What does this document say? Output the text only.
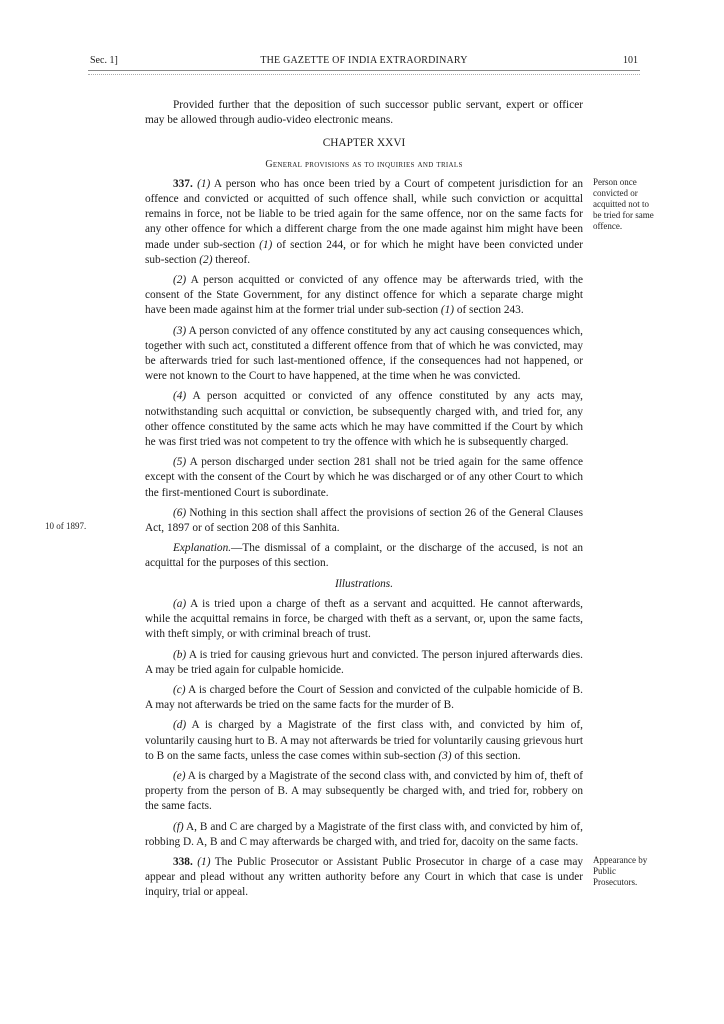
Sec. 1]	THE GAZETTE OF INDIA EXTRAORDINARY	101

Provided further that the deposition of such successor public servant, expert or officer may be allowed through audio-video electronic means.

CHAPTER XXVI

General provisions as to inquiries and trials

Person once convicted or acquitted not to be tried for same offence.
337. (1) A person who has once been tried by a Court of competent jurisdiction for an offence and convicted or acquitted of such offence shall, while such conviction or acquittal remains in force, not be liable to be tried again for the same offence, nor on the same facts for any other offence for which a different charge from the one made against him might have been made under sub-section (1) of section 244, or for which he might have been convicted under sub-section (2) thereof.

(2) A person acquitted or convicted of any offence may be afterwards tried, with the consent of the State Government, for any distinct offence for which a separate charge might have been made against him at the former trial under sub-section (1) of section 243.

(3) A person convicted of any offence constituted by any act causing consequences which, together with such act, constituted a different offence from that of which he was convicted, may be afterwards tried for such last-mentioned offence, if the consequences had not happened, or were not known to the Court to have happened, at the time when he was convicted.

(4) A person acquitted or convicted of any offence constituted by any acts may, notwithstanding such acquittal or conviction, be subsequently charged with, and tried for, any other offence constituted by the same acts which he may have committed if the Court by which he was first tried was not competent to try the offence with which he is subsequently charged.

(5) A person discharged under section 281 shall not be tried again for the same offence except with the consent of the Court by which he was discharged or of any other Court to which the first-mentioned Court is subordinate.

10 of 1897.
(6) Nothing in this section shall affect the provisions of section 26 of the General Clauses Act, 1897 or of section 208 of this Sanhita.

Explanation.—The dismissal of a complaint, or the discharge of the accused, is not an acquittal for the purposes of this section.

Illustrations.

(a) A is tried upon a charge of theft as a servant and acquitted. He cannot afterwards, while the acquittal remains in force, be charged with theft as a servant, or, upon the same facts, with theft simply, or with criminal breach of trust.

(b) A is tried for causing grievous hurt and convicted. The person injured afterwards dies. A may be tried again for culpable homicide.

(c) A is charged before the Court of Session and convicted of the culpable homicide of B. A may not afterwards be tried on the same facts for the murder of B.

(d) A is charged by a Magistrate of the first class with, and convicted by him of, voluntarily causing hurt to B. A may not afterwards be tried for voluntarily causing grievous hurt to B on the same facts, unless the case comes within sub-section (3) of this section.

(e) A is charged by a Magistrate of the second class with, and convicted by him of, theft of property from the person of B. A may subsequently be charged with, and tried for, robbery on the same facts.

(f) A, B and C are charged by a Magistrate of the first class with, and convicted by him of, robbing D. A, B and C may afterwards be charged with, and tried for, dacoity on the same facts.

Appearance by Public Prosecutors.
338. (1) The Public Prosecutor or Assistant Public Prosecutor in charge of a case may appear and plead without any written authority before any Court in which that case is under inquiry, trial or appeal.
